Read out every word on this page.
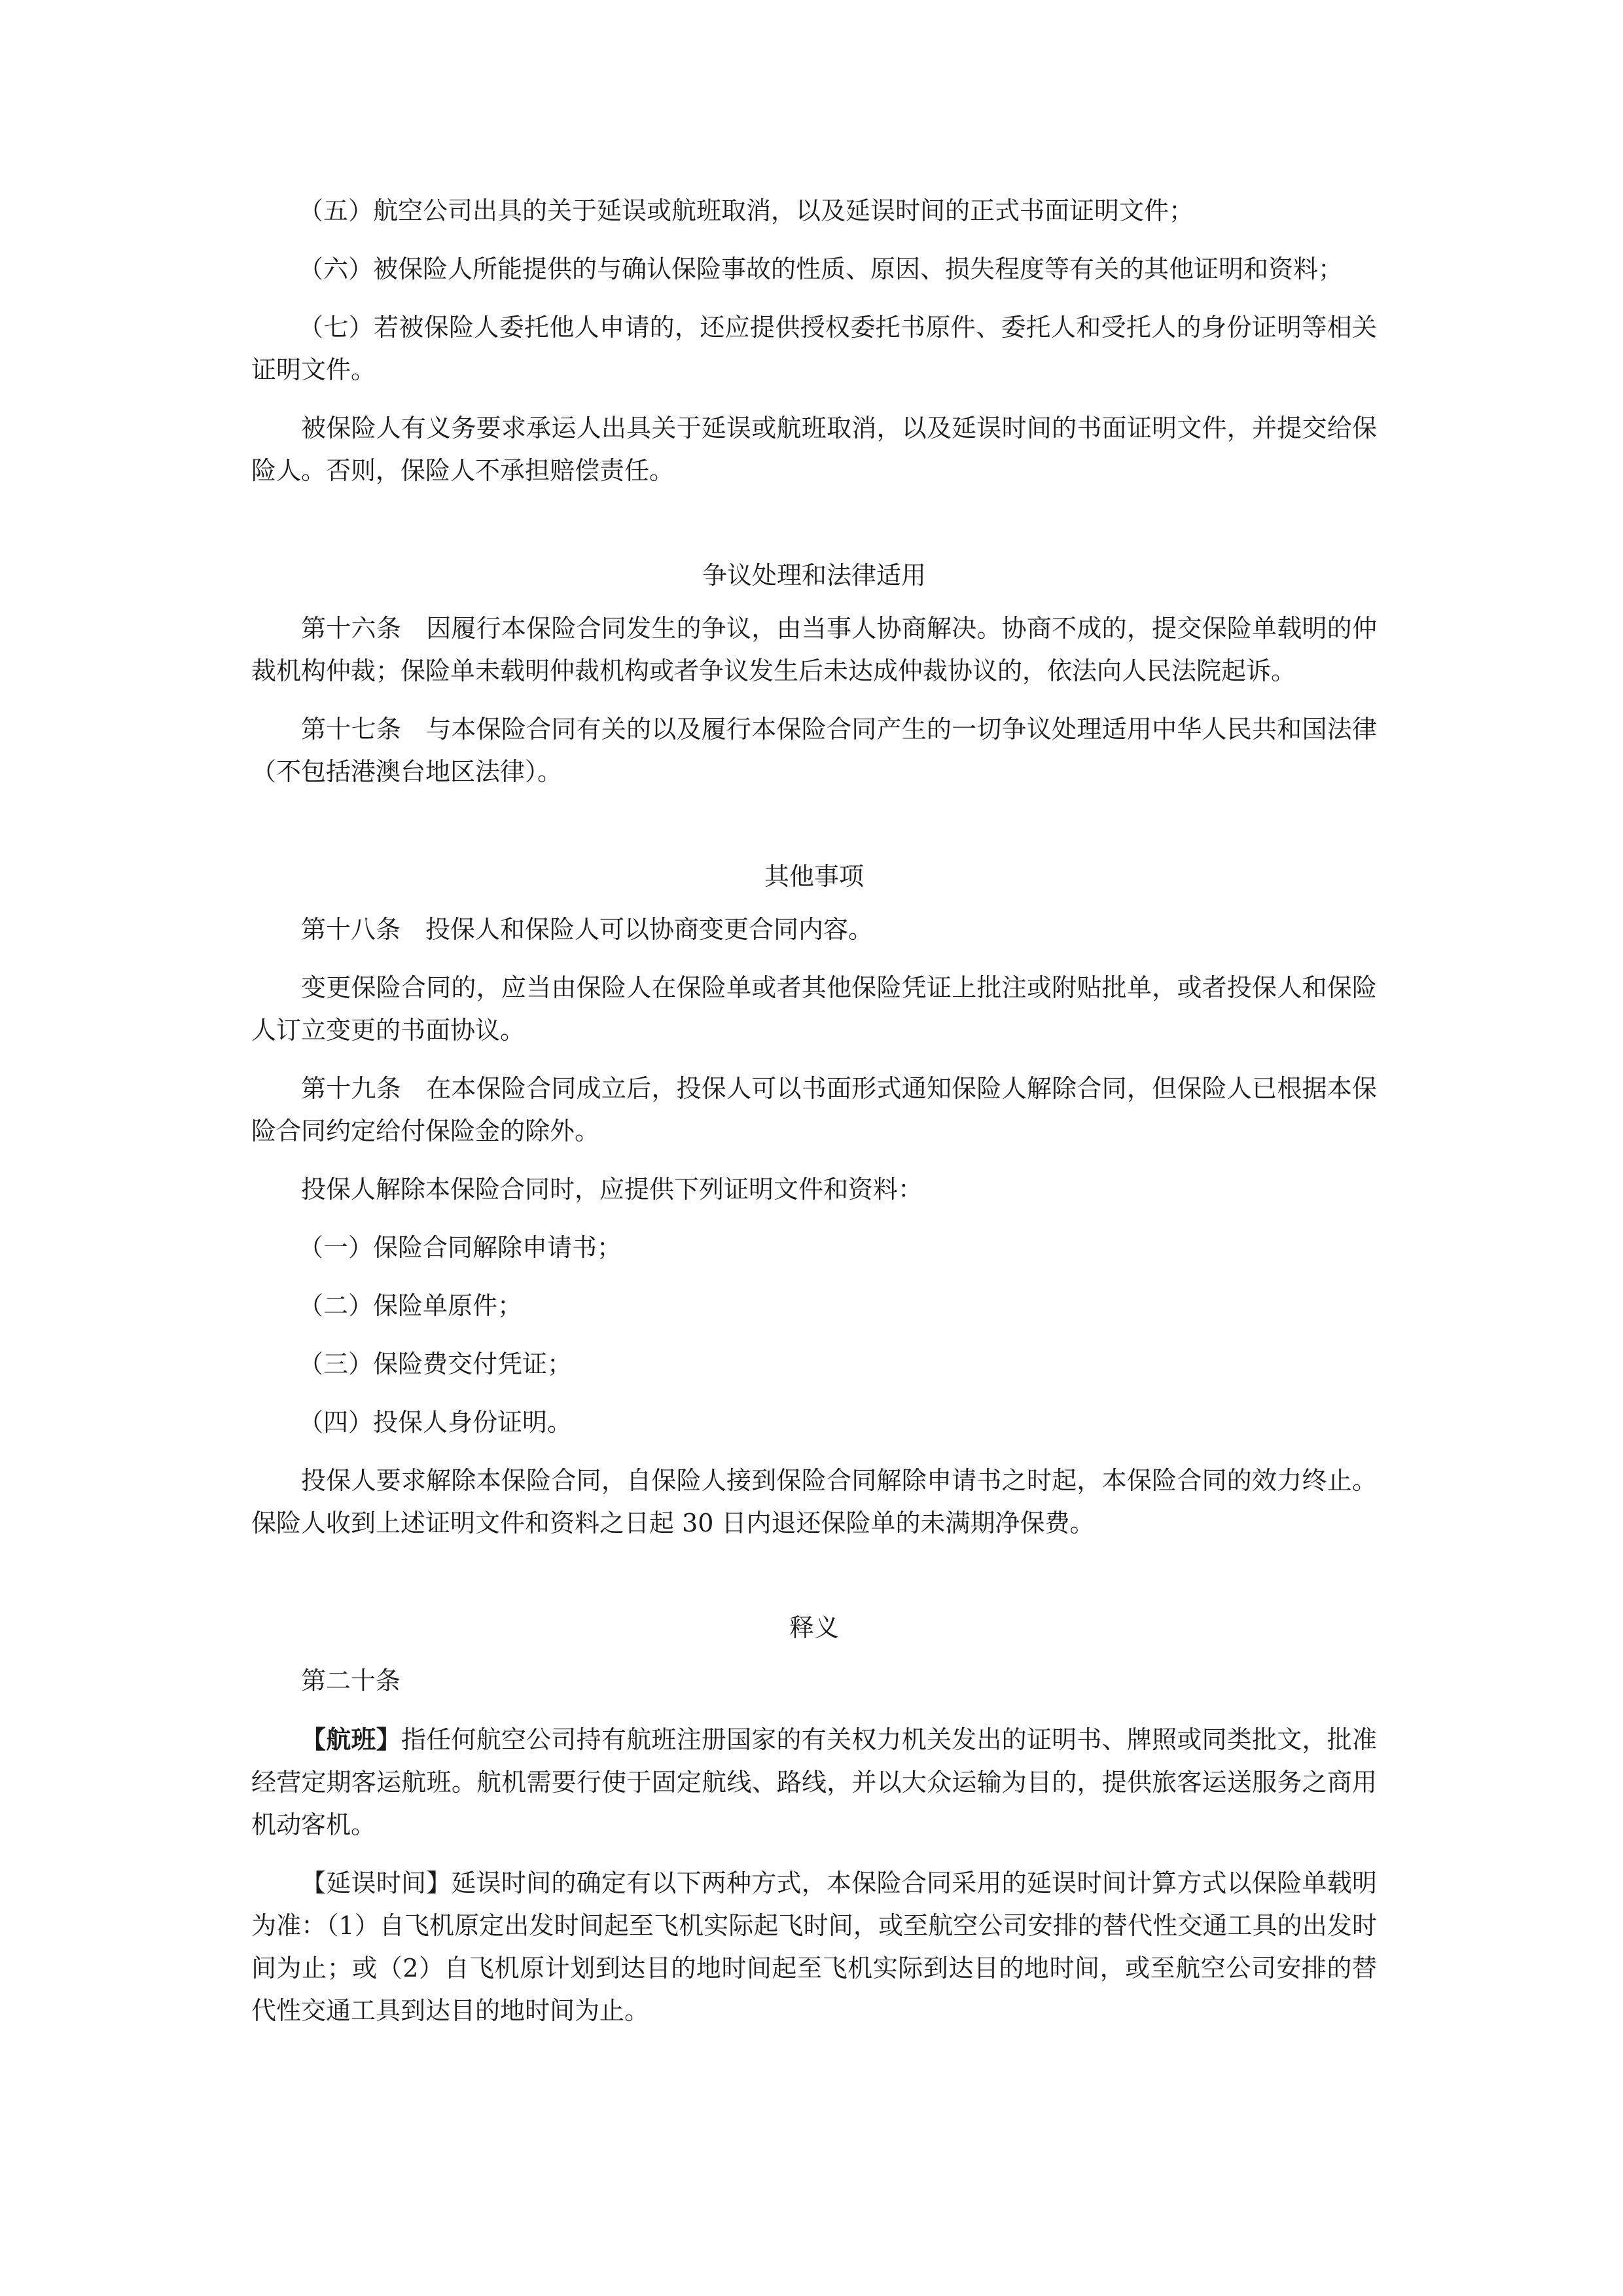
（五）航空公司出具的关于延误或航班取消，以及延误时间的正式书面证明文件；

（六）被保险人所能提供的与确认保险事故的性质、原因、损失程度等有关的其他证明和资料；

（七）若被保险人委托他人申请的，还应提供授权委托书原件、委托人和受托人的身份证明等相关证明文件。

被保险人有义务要求承运人出具关于延误或航班取消，以及延误时间的书面证明文件，并提交给保险人。否则，保险人不承担赔偿责任。

争议处理和法律适用

第十六条　因履行本保险合同发生的争议，由当事人协商解决。协商不成的，提交保险单载明的仲裁机构仲裁；保险单未载明仲裁机构或者争议发生后未达成仲裁协议的，依法向人民法院起诉。

第十七条　与本保险合同有关的以及履行本保险合同产生的一切争议处理适用中华人民共和国法律（不包括港澳台地区法律）。

其他事项

第十八条　投保人和保险人可以协商变更合同内容。

变更保险合同的，应当由保险人在保险单或者其他保险凭证上批注或附贴批单，或者投保人和保险人订立变更的书面协议。

第十九条　在本保险合同成立后，投保人可以书面形式通知保险人解除合同，但保险人已根据本保险合同约定给付保险金的除外。

投保人解除本保险合同时，应提供下列证明文件和资料：

（一）保险合同解除申请书；

（二）保险单原件；

（三）保险费交付凭证；

（四）投保人身份证明。

投保人要求解除本保险合同，自保险人接到保险合同解除申请书之时起，本保险合同的效力终止。保险人收到上述证明文件和资料之日起 30 日内退还保险单的未满期净保费。

释义

第二十条

【航班】指任何航空公司持有航班注册国家的有关权力机关发出的证明书、牌照或同类批文，批准经营定期客运航班。航机需要行使于固定航线、路线，并以大众运输为目的，提供旅客运送服务之商用机动客机。

【延误时间】延误时间的确定有以下两种方式，本保险合同采用的延误时间计算方式以保险单载明为准：（1）自飞机原定出发时间起至飞机实际起飞时间，或至航空公司安排的替代性交通工具的出发时间为止；或（2）自飞机原计划到达目的地时间起至飞机实际到达目的地时间，或至航空公司安排的替代性交通工具到达目的地时间为止。
